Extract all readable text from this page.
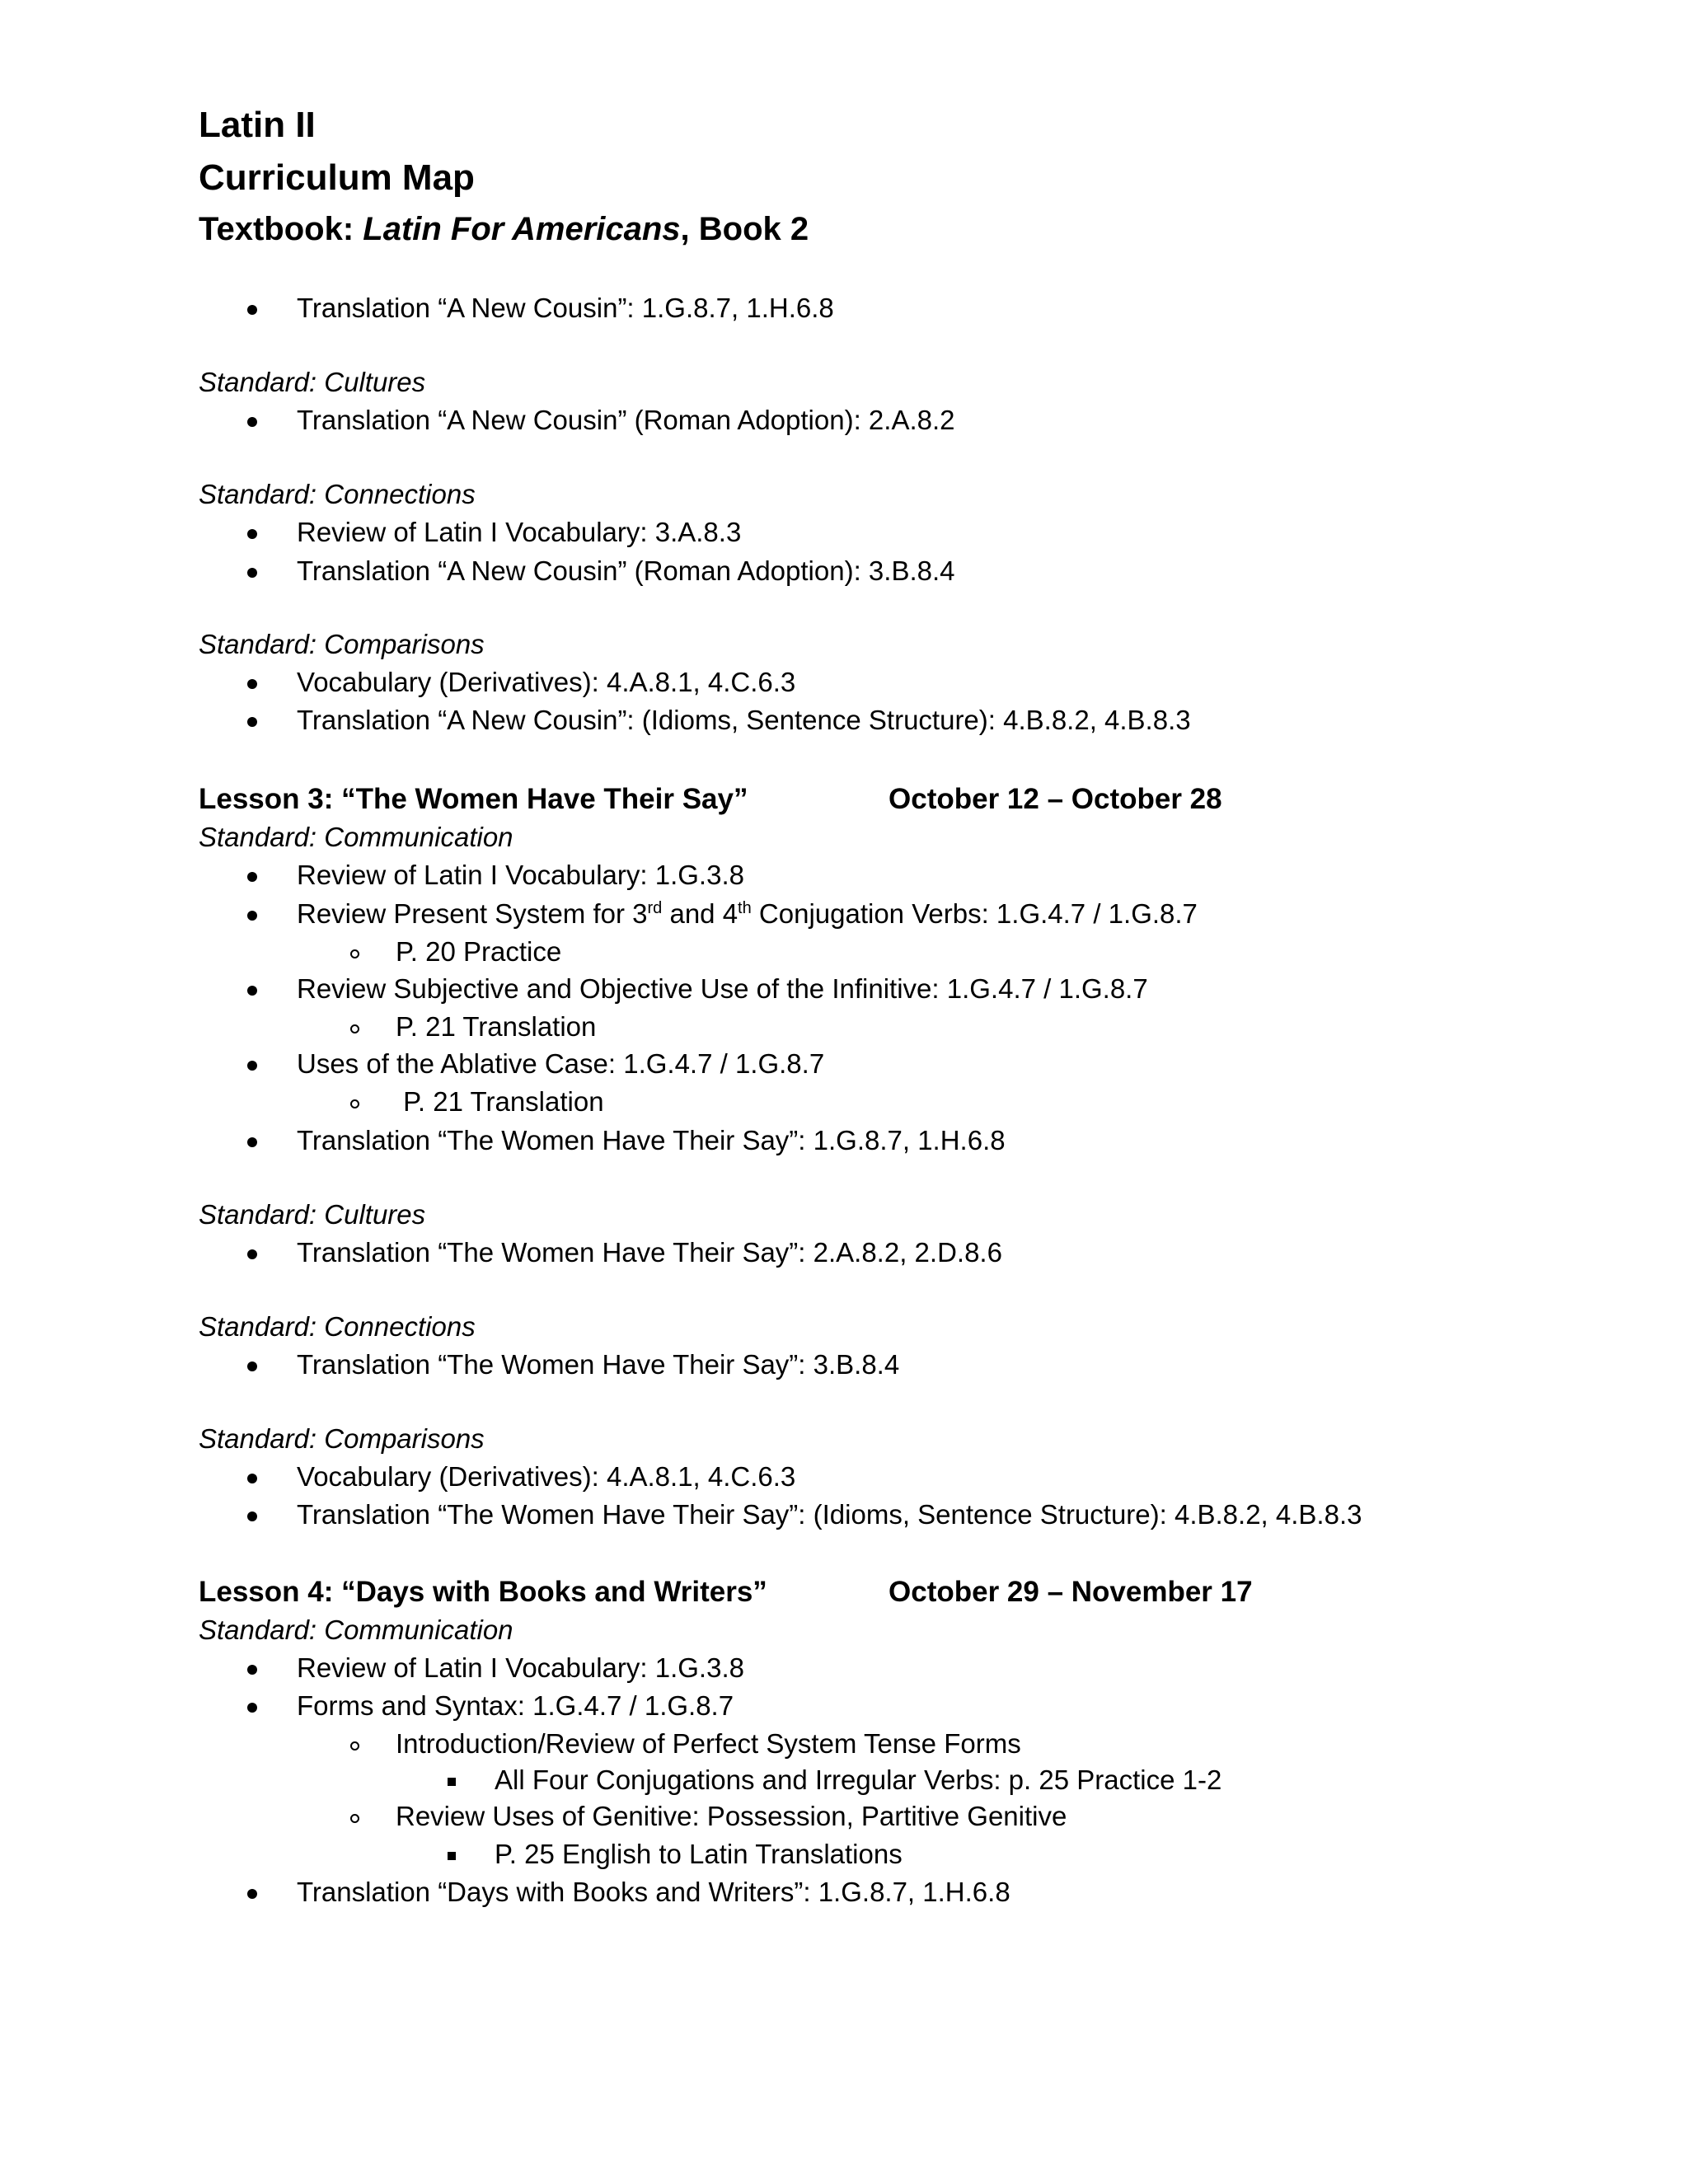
Latin II
Curriculum Map
Textbook: Latin For Americans, Book 2
Translation “A New Cousin”: 1.G.8.7, 1.H.6.8
Standard: Cultures
Translation “A New Cousin” (Roman Adoption): 2.A.8.2
Standard: Connections
Review of Latin I Vocabulary: 3.A.8.3
Translation “A New Cousin” (Roman Adoption): 3.B.8.4
Standard: Comparisons
Vocabulary (Derivatives): 4.A.8.1, 4.C.6.3
Translation “A New Cousin”: (Idioms, Sentence Structure): 4.B.8.2, 4.B.8.3
Lesson 3: “The Women Have Their Say”	October 12 – October 28
Standard: Communication
Review of Latin I Vocabulary: 1.G.3.8
Review Present System for 3rd and 4th Conjugation Verbs: 1.G.4.7 / 1.G.8.7
P. 20 Practice
Review Subjective and Objective Use of the Infinitive: 1.G.4.7 / 1.G.8.7
P. 21 Translation
Uses of the Ablative Case: 1.G.4.7 / 1.G.8.7
P. 21 Translation
Translation “The Women Have Their Say”: 1.G.8.7, 1.H.6.8
Standard: Cultures
Translation “The Women Have Their Say”: 2.A.8.2, 2.D.8.6
Standard: Connections
Translation “The Women Have Their Say”: 3.B.8.4
Standard: Comparisons
Vocabulary (Derivatives): 4.A.8.1, 4.C.6.3
Translation “The Women Have Their Say”: (Idioms, Sentence Structure): 4.B.8.2, 4.B.8.3
Lesson 4: “Days with Books and Writers”	October 29 – November 17
Standard: Communication
Review of Latin I Vocabulary: 1.G.3.8
Forms and Syntax: 1.G.4.7 / 1.G.8.7
Introduction/Review of Perfect System Tense Forms
All Four Conjugations and Irregular Verbs: p. 25 Practice 1-2
Review Uses of Genitive: Possession, Partitive Genitive
P. 25 English to Latin Translations
Translation “Days with Books and Writers”: 1.G.8.7, 1.H.6.8
